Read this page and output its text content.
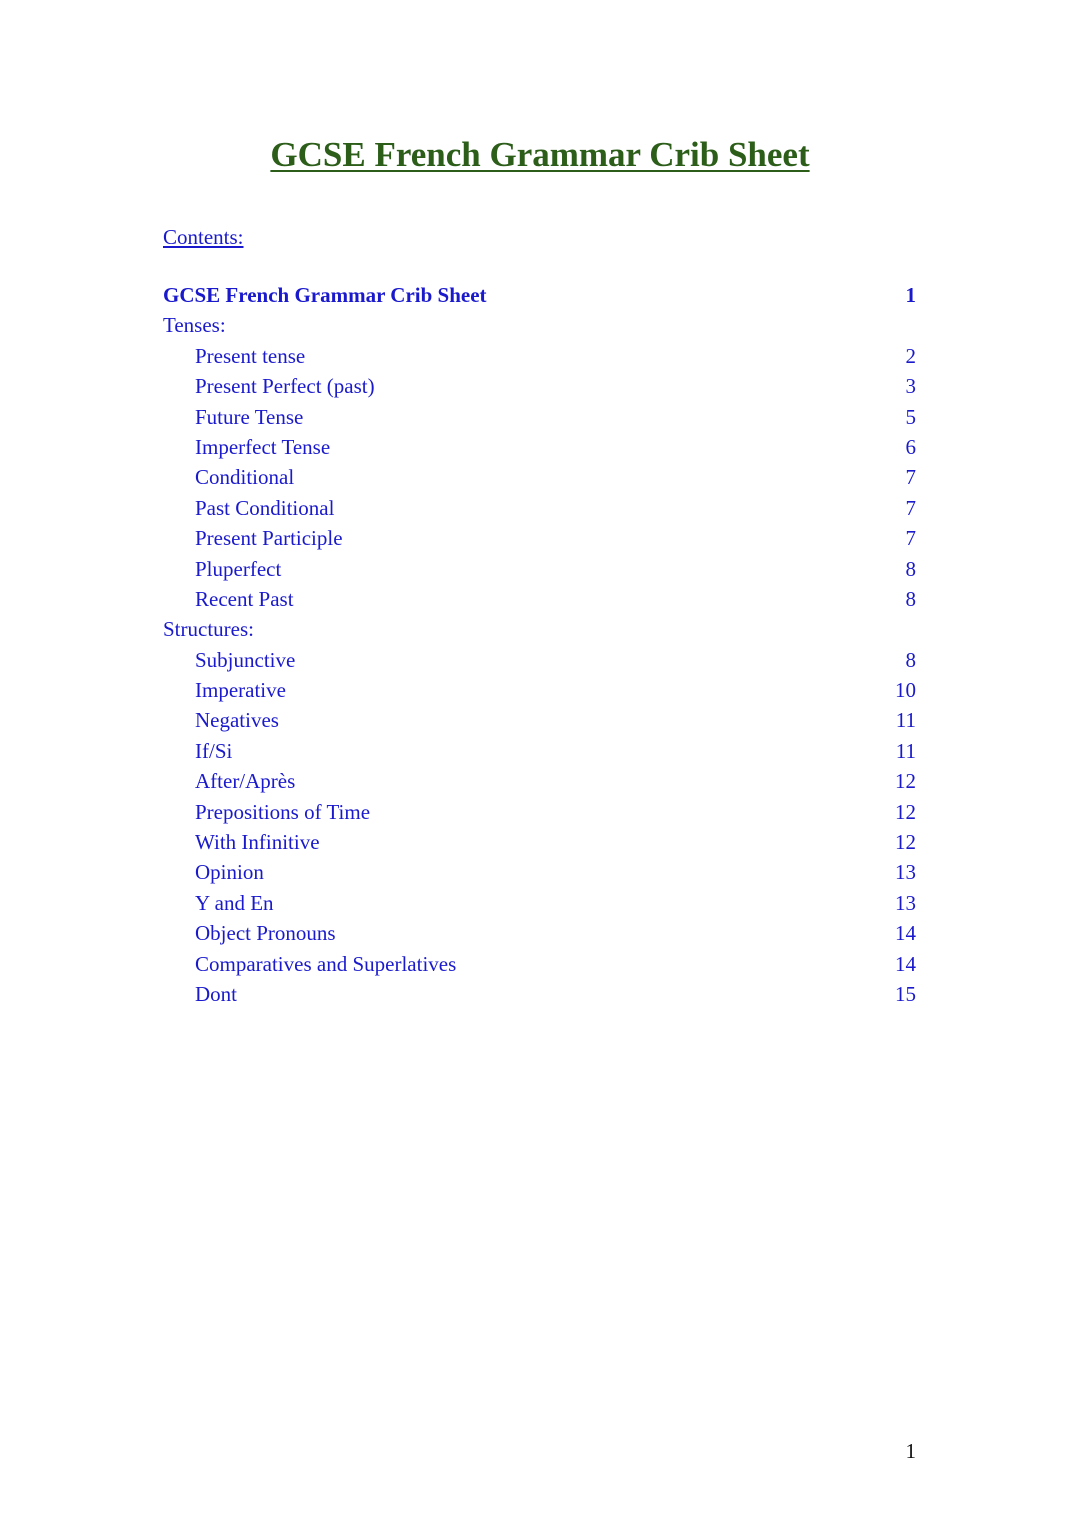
GCSE French Grammar Crib Sheet
Contents:
GCSE French Grammar Crib Sheet	1
Tenses:
Present tense	2
Present Perfect (past)	3
Future Tense	5
Imperfect Tense	6
Conditional	7
Past Conditional	7
Present Participle	7
Pluperfect	8
Recent Past	8
Structures:
Subjunctive	8
Imperative	10
Negatives	11
If/Si	11
After/Après	12
Prepositions of Time	12
With Infinitive	12
Opinion	13
Y and En	13
Object Pronouns	14
Comparatives and Superlatives	14
Dont	15
1
